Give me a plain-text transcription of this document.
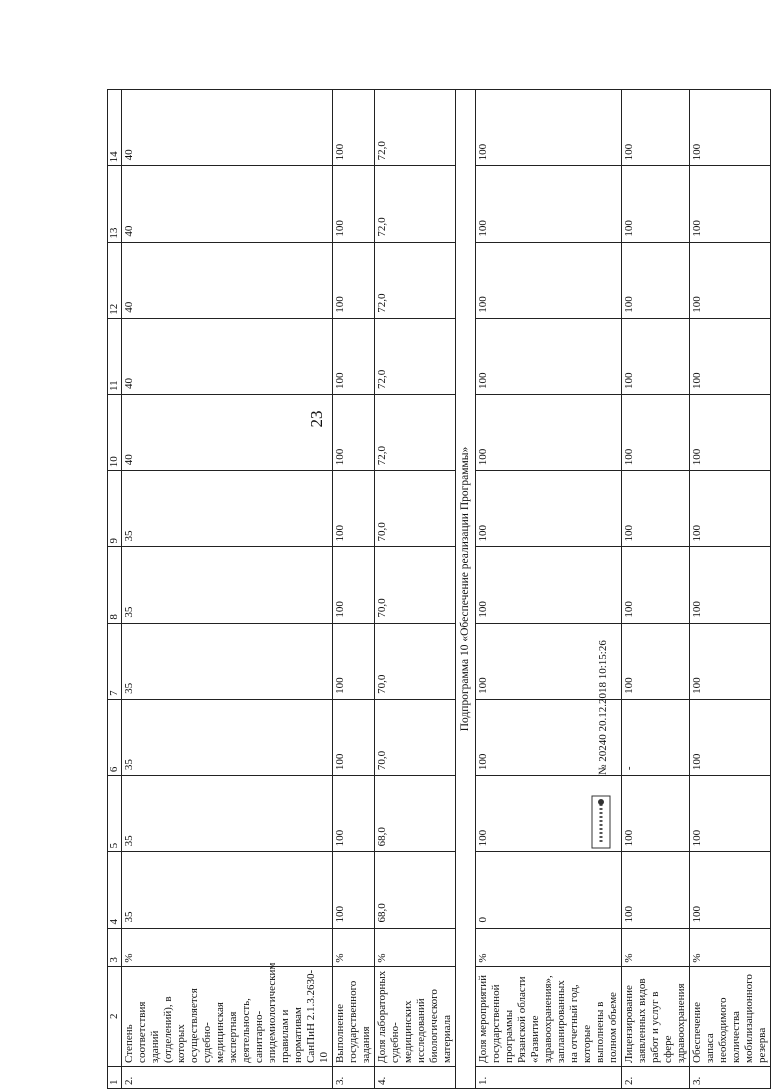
23
1	2	3	4	5	6	7	8	9	10	11	12	13	14
2.	Степень соответствия зданий (отделений), в которых осуществляется судебно-медицинская экспертная деятельность, санитарно-эпидемиологическим правилам и нормативам СанПиН 2.1.3.2630-10	%	35	35	35	35	35	35	40	40	40	40	40
3.	Выполнение государственного задания	%	100	100	100	100	100	100	100	100	100	100	100
4.	Доля лабораторных судебно-медицинских исследований биологического материала	%	68,0	68,0	70,0	70,0	70,0	70,0	72,0	72,0	72,0	72,0	72,0
Подпрограмма 10 «Обеспечение реализации Программы»													
1.	Доля мероприятий государственной программы Рязанской области «Развитие здравоохранения», запланированных на отчетный год, которые выполнены в полном объеме	%	0	100	100	100	100	100	100	100	100	100	100
2.	Лицензирование заявленных видов работ и услуг в сфере здравоохранения	%	100	100	-	100	100	100	100	100	100	100	100
3.	Обеспечение запаса необходимого количества мобилизационного резерва	%	100	100	100	100	100	100	100	100	100	100	100
№ 20240 20.12.2018 10:15:26
